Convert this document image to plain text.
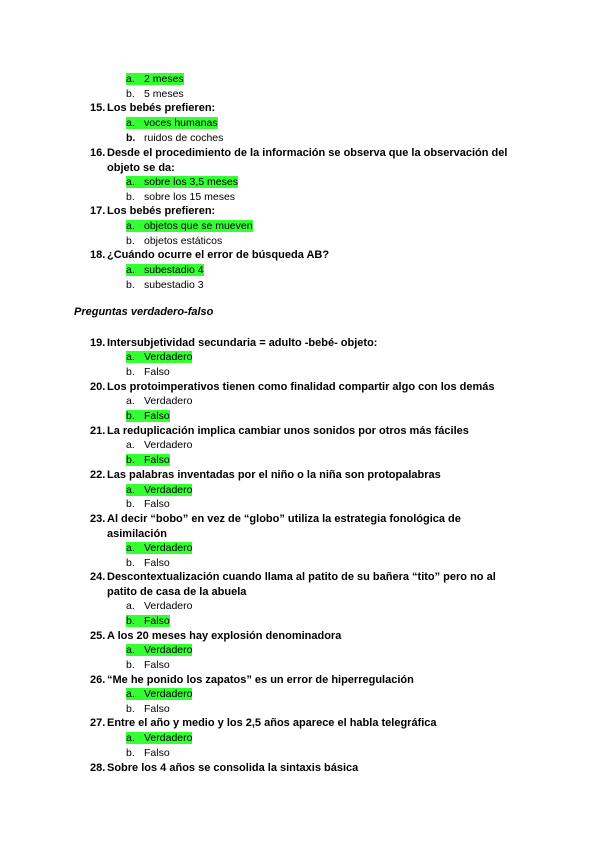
Preguntas verdadero-falso
a. 2 meses
b. 5 meses
15. Los bebés prefieren:
a. voces humanas
b. ruidos de coches
16. Desde el procedimiento de la información se observa que la observación del
objeto se da:
a. sobre los 3,5 meses
b. sobre los 15 meses
17. Los bebés prefieren:
a. objetos que se mueven
b. objetos estáticos
18. ¿Cuándo ocurre el error de búsqueda AB?
a. subestadio 4
b. subestadio 3
19. Intersubjetividad secundaria = adulto -bebé- objeto:
a. Verdadero
b. Falso
20. Los protoimperativos tienen como finalidad compartir algo con los demás
a. Verdadero
b. Falso
21. La reduplicación implica cambiar unos sonidos por otros más fáciles
a. Verdadero
b. Falso
22. Las palabras inventadas por el niño o la niña son protopalabras
a. Verdadero
b. Falso
23. Al decir “bobo” en vez de “globo” utiliza la estrategia fonológica de
asimilación
a. Verdadero
b. Falso
24. Descontextualización cuando llama al patito de su bañera “tito” pero no al
patito de casa de la abuela
a. Verdadero
b. Falso
25. A los 20 meses hay explosión denominadora
a. Verdadero
b. Falso
26. “Me he ponido los zapatos” es un error de hiperregulación
a. Verdadero
b. Falso
27. Entre el año y medio y los 2,5 años aparece el habla telegráfica
a. Verdadero
b. Falso
28. Sobre los 4 años se consolida la sintaxis básica
